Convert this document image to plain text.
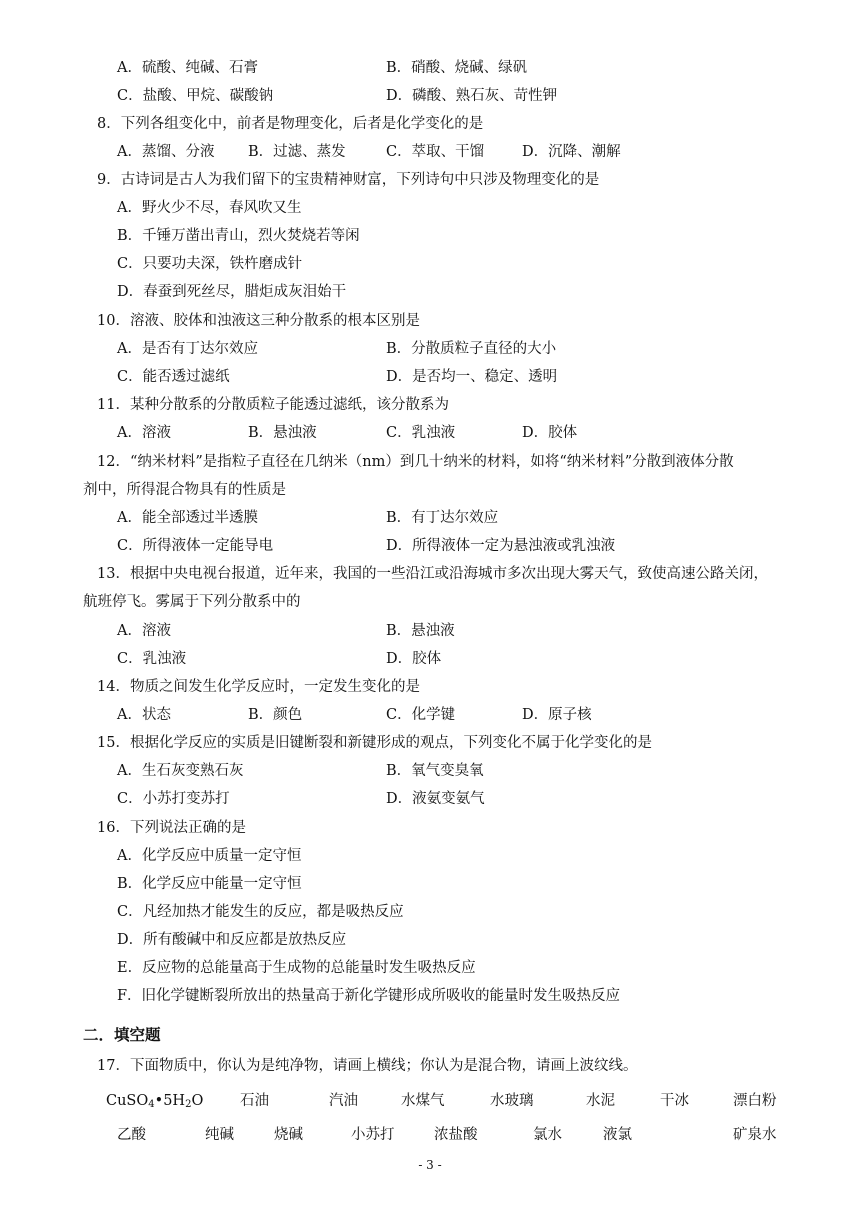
A．硫酸、纯碱、石膏	B．硝酸、烧碱、绿矾
C．盐酸、甲烷、碳酸钠	D．磷酸、熟石灰、苛性钾
8．下列各组变化中，前者是物理变化，后者是化学变化的是
A．蒸馏、分液 B．过滤、蒸发	C．萃取、干馏	D．沉降、潮解
9．古诗词是古人为我们留下的宝贵精神财富，下列诗句中只涉及物理变化的是
A．野火少不尽，春风吹又生
B．千锤万凿出青山，烈火焚烧若等闲
C．只要功夫深，铁杵磨成针
D．春蚕到死丝尽，腊炬成灰泪始干
10．溶液、胶体和浊液这三种分散系的根本区别是
A．是否有丁达尔效应	B．分散质粒子直径的大小
C．能否透过滤纸	D．是否均一、稳定、透明
11．某种分散系的分散质粒子能透过滤纸，该分散系为
A．溶液	B．悬浊液	C．乳浊液	D．胶体
12．“纳米材料”是指粒子直径在几纳米（nm）到几十纳米的材料，如将“纳米材料”分散到液体分散
剂中，所得混合物具有的性质是
A．能全部透过半透膜	B．有丁达尔效应
C．所得液体一定能导电	D．所得液体一定为悬浊液或乳浊液
13．根据中央电视台报道，近年来，我国的一些沿江或沿海城市多次出现大雾天气，致使高速公路关闭，
航班停飞。雾属于下列分散系中的
A．溶液	B．悬浊液
C．乳浊液	D．胶体
14．物质之间发生化学反应时，一定发生变化的是
A．状态	B．颜色	C．化学键	D．原子核
15．根据化学反应的实质是旧键断裂和新键形成的观点，下列变化不属于化学变化的是
A．生石灰变熟石灰	B．氧气变臭氧
C．小苏打变苏打	D．液氨变氨气
16．下列说法正确的是
A．化学反应中质量一定守恒
B．化学反应中能量一定守恒
C．凡经加热才能发生的反应，都是吸热反应
D．所有酸碱中和反应都是放热反应
E．反应物的总能量高于生成物的总能量时发生吸热反应
F．旧化学键断裂所放出的热量高于新化学键形成所吸收的能量时发生吸热反应
二．填空题
17．下面物质中，你认为是纯净物，请画上横线；你认为是混合物，请画上波纹线。
$CuSO_4•5H_2O$	石油	汽油	水煤气	水玻璃	水泥	干冰	漂白粉
乙酸	纯碱	烧碱	小苏打	浓盐酸	氯水	液氯	矿泉水
- 3 -
